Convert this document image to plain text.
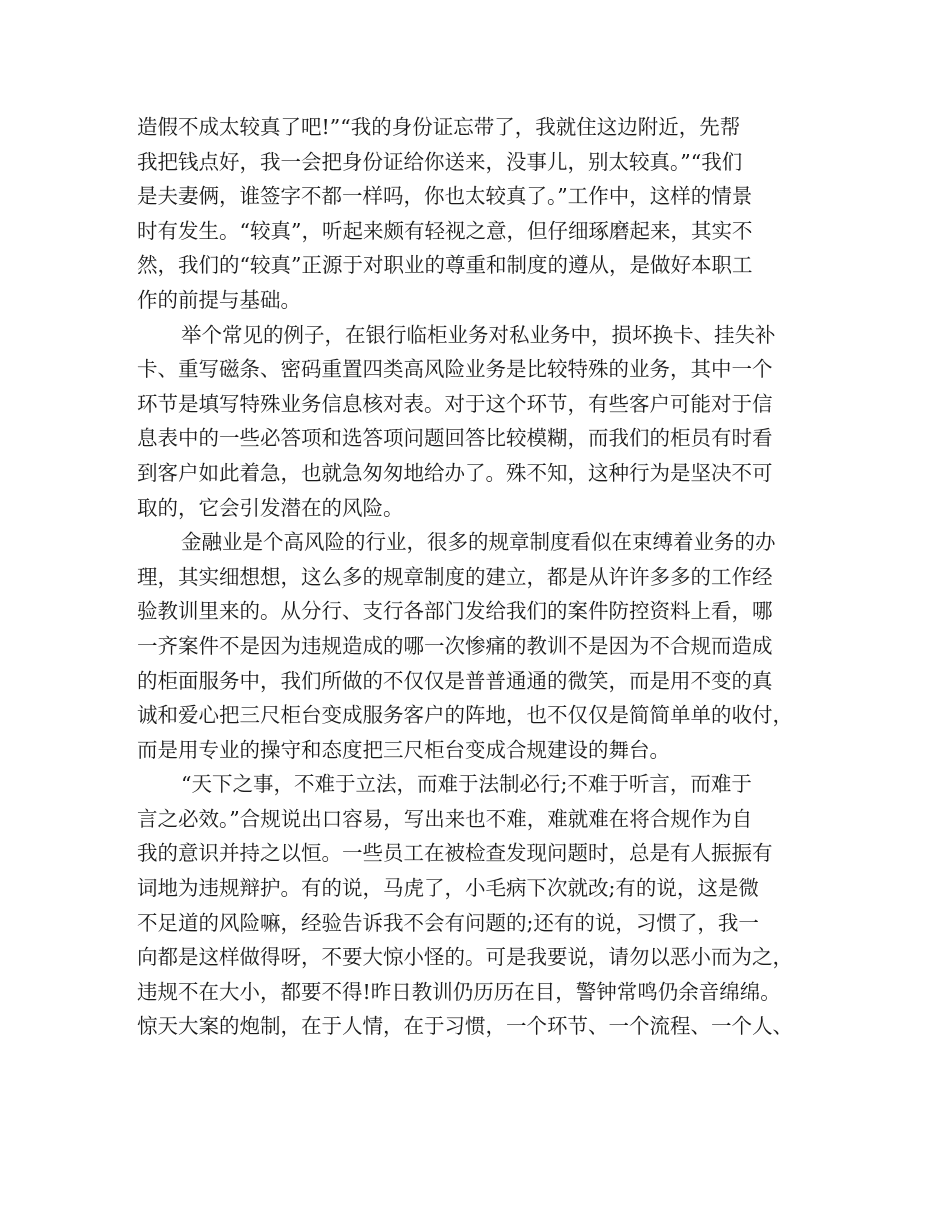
造假不成太较真了吧!”“我的身份证忘带了，我就住这边附近，先帮
我把钱点好，我一会把身份证给你送来，没事儿，别太较真。”“我们
是夫妻俩，谁签字不都一样吗，你也太较真了。”工作中，这样的情景
时有发生。“较真”，听起来颇有轻视之意，但仔细琢磨起来，其实不
然，我们的“较真”正源于对职业的尊重和制度的遵从，是做好本职工
作的前提与基础。
举个常见的例子，在银行临柜业务对私业务中，损坏换卡、挂失补
卡、重写磁条、密码重置四类高风险业务是比较特殊的业务，其中一个
环节是填写特殊业务信息核对表。对于这个环节，有些客户可能对于信
息表中的一些必答项和选答项问题回答比较模糊，而我们的柜员有时看
到客户如此着急，也就急匆匆地给办了。殊不知，这种行为是坚决不可
取的，它会引发潜在的风险。
金融业是个高风险的行业，很多的规章制度看似在束缚着业务的办
理，其实细想想，这么多的规章制度的建立，都是从许许多多的工作经
验教训里来的。从分行、支行各部门发给我们的案件防控资料上看，哪
一齐案件不是因为违规造成的哪一次惨痛的教训不是因为不合规而造成
的柜面服务中，我们所做的不仅仅是普普通通的微笑，而是用不变的真
诚和爱心把三尺柜台变成服务客户的阵地，也不仅仅是简简单单的收付，
而是用专业的操守和态度把三尺柜台变成合规建设的舞台。
“天下之事，不难于立法，而难于法制必行;不难于听言，而难于
言之必效。”合规说出口容易，写出来也不难，难就难在将合规作为自
我的意识并持之以恒。一些员工在被检查发现问题时，总是有人振振有
词地为违规辩护。有的说，马虎了，小毛病下次就改;有的说，这是微
不足道的风险嘛，经验告诉我不会有问题的;还有的说，习惯了，我一
向都是这样做得呀，不要大惊小怪的。可是我要说，请勿以恶小而为之，
违规不在大小，都要不得!昨日教训仍历历在目，警钟常鸣仍余音绵绵。
惊天大案的炮制，在于人情，在于习惯，一个环节、一个流程、一个人、
